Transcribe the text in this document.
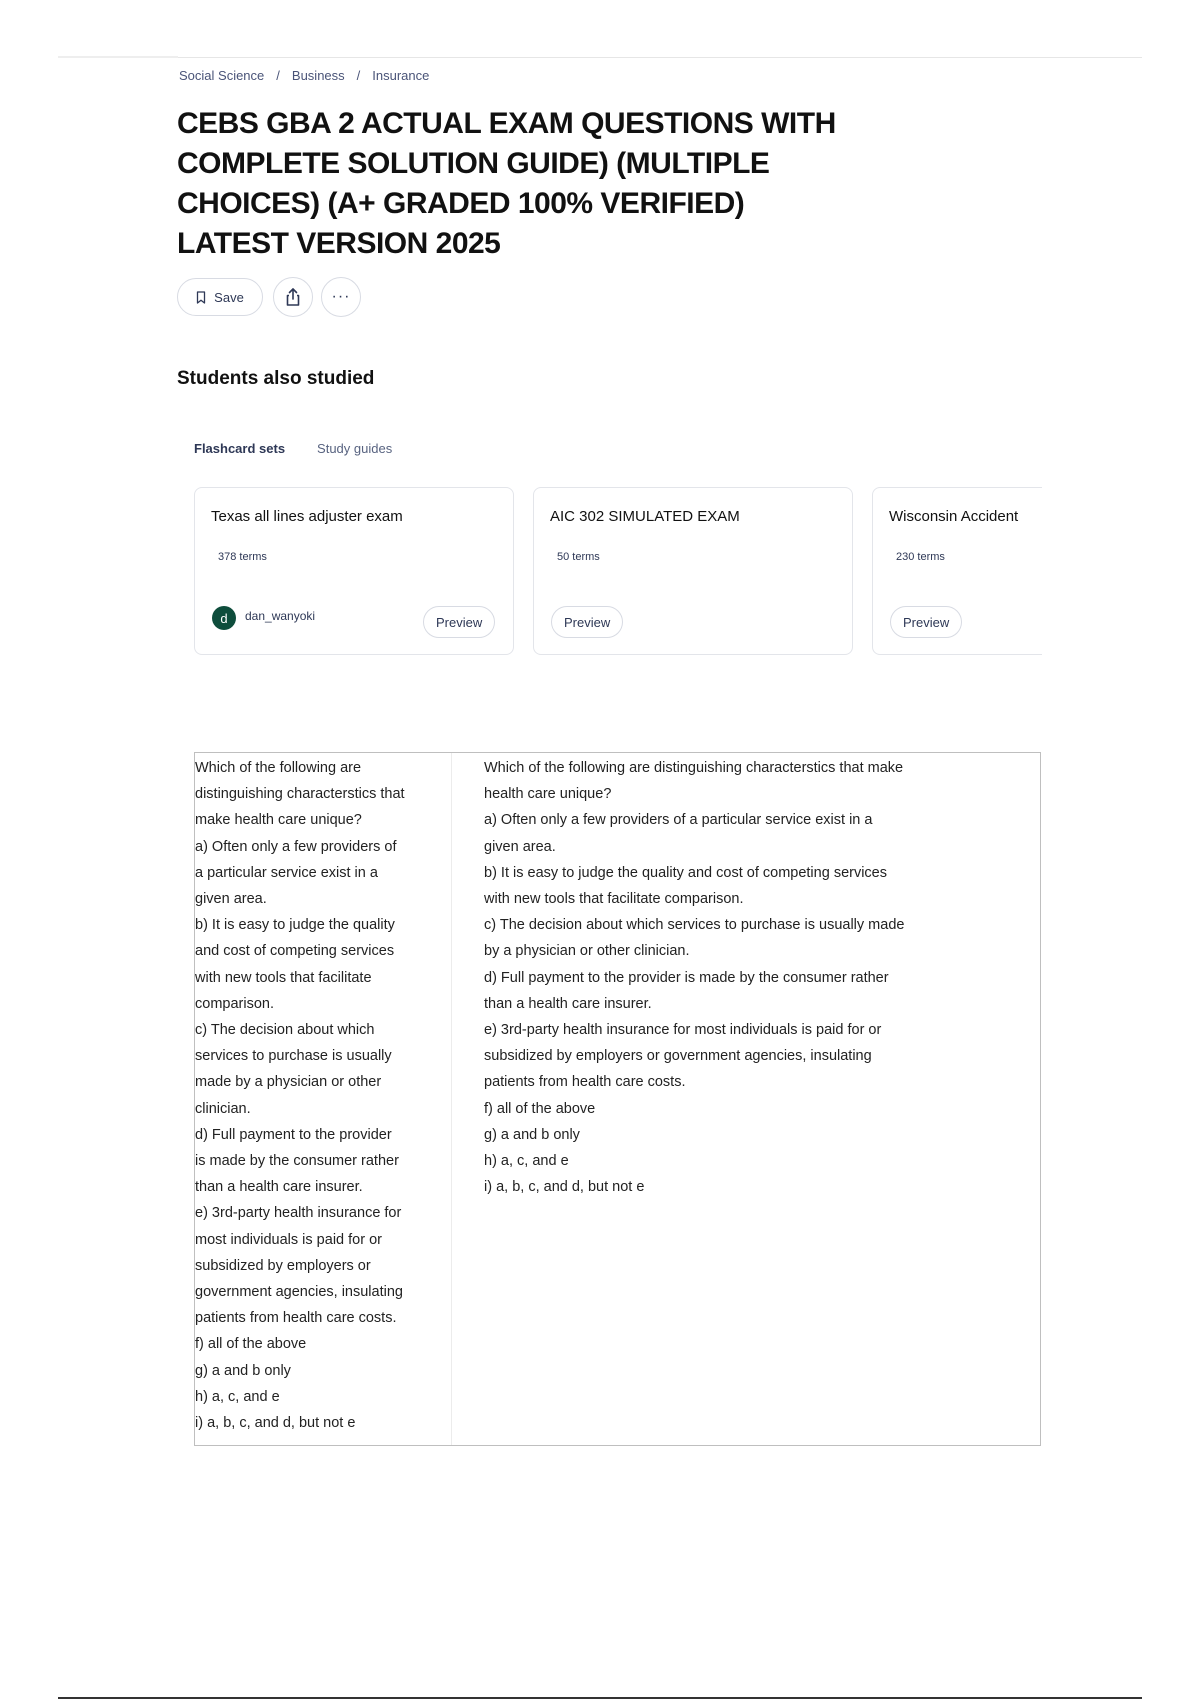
Social Science / Business / Insurance
CEBS GBA 2 ACTUAL EXAM QUESTIONS WITH
COMPLETE SOLUTION GUIDE) (MULTIPLE
CHOICES) (A+ GRADED 100% VERIFIED)
LATEST VERSION 2025
Save	···
Students also studied
Flashcard sets Study guides
Texas all lines adjuster exam
378 terms
d	dan_wanyoki	Preview
AIC 302 SIMULATED EXAM
50 terms
Preview
Wisconsin Accident
230 terms
Preview
Which of the following are
distinguishing characterstics that
make health care unique?
a) Often only a few providers of
a particular service exist in a
given area.
b) It is easy to judge the quality
and cost of competing services
with new tools that facilitate
comparison.
c) The decision about which
services to purchase is usually
made by a physician or other
clinician.
d) Full payment to the provider
is made by the consumer rather
than a health care insurer.
e) 3rd-party health insurance for
most individuals is paid for or
subsidized by employers or
government agencies, insulating
patients from health care costs.
f) all of the above
g) a and b only
h) a, c, and e
i) a, b, c, and d, but not e
Which of the following are distinguishing characterstics that make
health care unique?
a) Often only a few providers of a particular service exist in a
given area.
b) It is easy to judge the quality and cost of competing services
with new tools that facilitate comparison.
c) The decision about which services to purchase is usually made
by a physician or other clinician.
d) Full payment to the provider is made by the consumer rather
than a health care insurer.
e) 3rd-party health insurance for most individuals is paid for or
subsidized by employers or government agencies, insulating
patients from health care costs.
f) all of the above
g) a and b only
h) a, c, and e
i) a, b, c, and d, but not e
